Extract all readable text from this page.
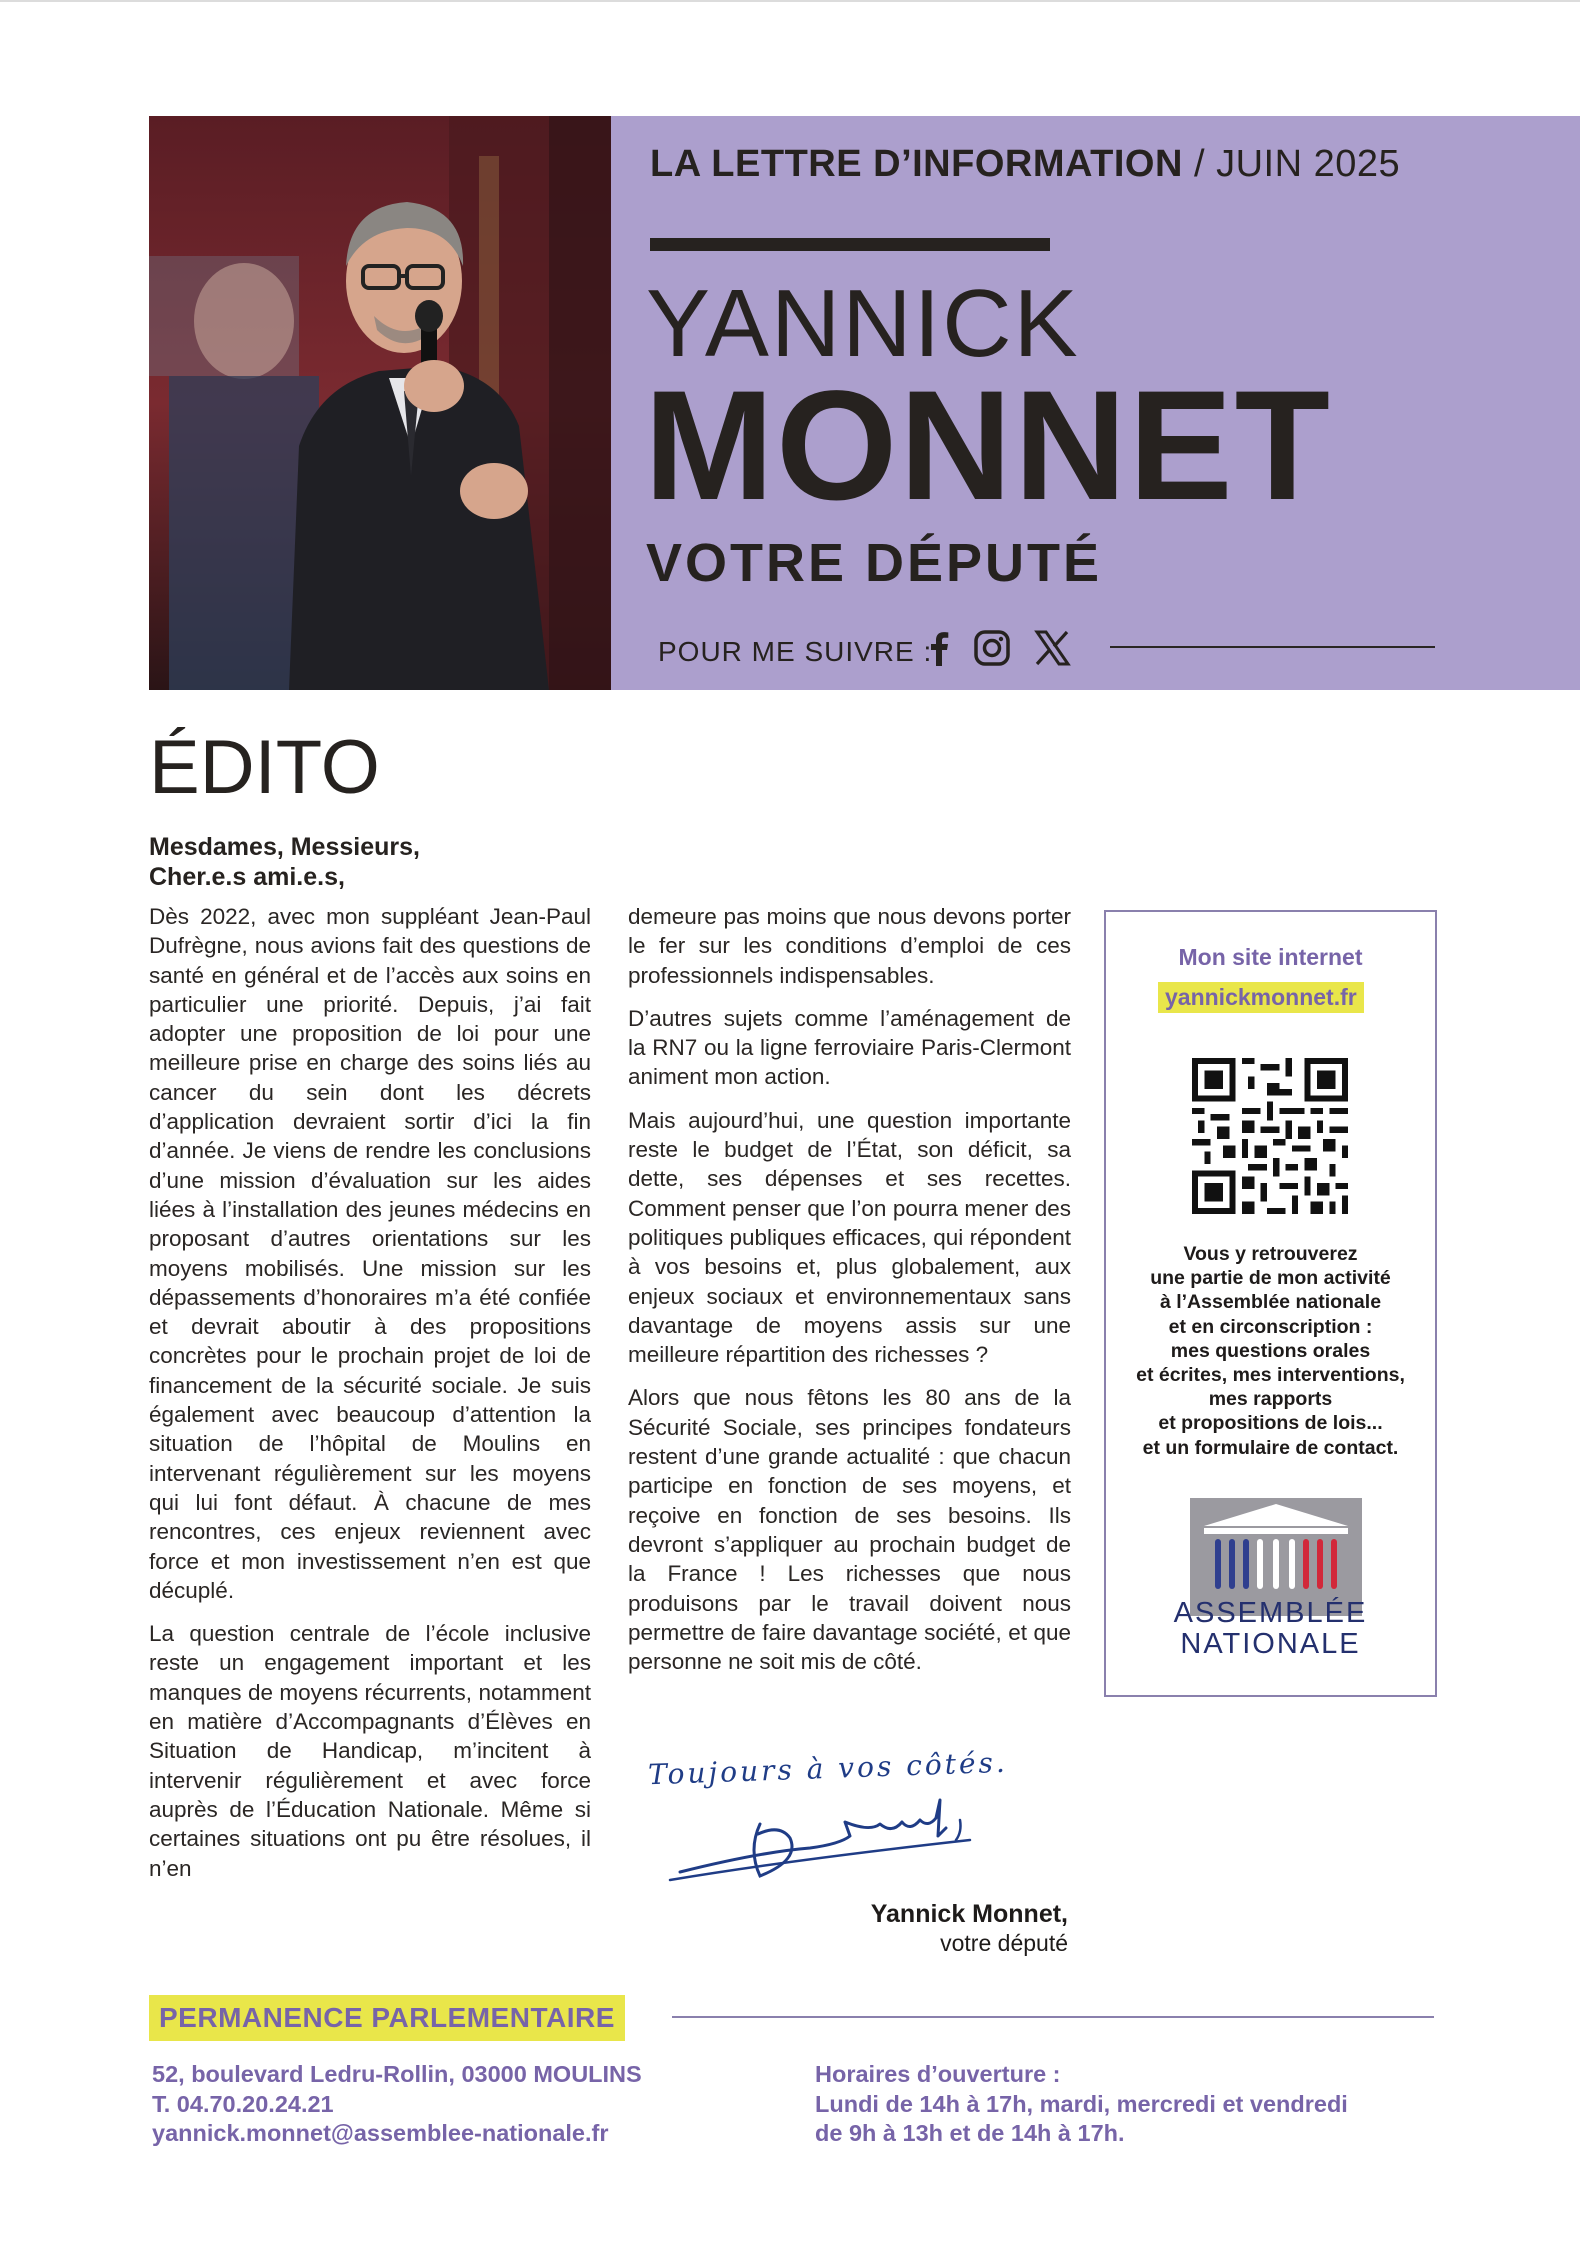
LA LETTRE D’INFORMATION / JUIN 2025
YANNICK
MONNET
VOTRE DÉPUTÉ
POUR ME SUIVRE :
ÉDITO
Mesdames, Messieurs,
Cher.e.s ami.e.s,

Dès 2022, avec mon suppléant Jean-Paul Dufrègne, nous avions fait des questions de santé en général et de l’accès aux soins en particulier une priorité. Depuis, j’ai fait adopter une proposition de loi pour une meilleure prise en charge des soins liés au cancer du sein dont les décrets d’application devraient sortir d’ici la fin d’année. Je viens de rendre les conclusions d’une mission d’évaluation sur les aides liées à l’installation des jeunes médecins en proposant d’autres orientations sur les moyens mobilisés. Une mission sur les dépassements d’honoraires m’a été confiée et devrait aboutir à des propositions concrètes pour le prochain projet de loi de financement de la sécurité sociale. Je suis également avec beaucoup d’attention la situation de l’hôpital de Moulins en intervenant régulièrement sur les moyens qui lui font défaut. À chacune de mes rencontres, ces enjeux reviennent avec force et mon investissement n’en est que décuplé.

La question centrale de l’école inclusive reste un engagement important et les manques de moyens récurrents, notamment en matière d’Accompagnants d’Élèves en Situation de Handicap, m’incitent à intervenir régulièrement et avec force auprès de l’Éducation Nationale. Même si certaines situations ont pu être résolues, il n’en

demeure pas moins que nous devons porter le fer sur les conditions d’emploi de ces professionnels indispensables.

D’autres sujets comme l’aménagement de la RN7 ou la ligne ferroviaire Paris-Clermont animent mon action.

Mais aujourd’hui, une question importante reste le budget de l’État, son déficit, sa dette, ses dépenses et ses recettes. Comment penser que l’on pourra mener des politiques publiques efficaces, qui répondent à vos besoins et, plus globalement, aux enjeux sociaux et environnementaux sans davantage de moyens assis sur une meilleure répartition des richesses ?

Alors que nous fêtons les 80 ans de la Sécurité Sociale, ses principes fondateurs restent d’une grande actualité : que chacun participe en fonction de ses moyens, et reçoive en fonction de ses besoins. Ils devront s’appliquer au prochain budget de la France ! Les richesses que nous produisons par le travail doivent nous permettre de faire davantage société, et que personne ne soit mis de côté.

Toujours à vos côtés.
Yannick Monnet,
votre député
Mon site internet
yannickmonnet.fr
Vous y retrouverez
une partie de mon activité
à l’Assemblée nationale
et en circonscription :
mes questions orales
et écrites, mes interventions,
mes rapports
et propositions de lois...
et un formulaire de contact.
ASSEMBLÉE
NATIONALE
PERMANENCE PARLEMENTAIRE
52, boulevard Ledru-Rollin, 03000 MOULINS
T. 04.70.20.24.21
yannick.monnet@assemblee-nationale.fr
Horaires d’ouverture :
Lundi de 14h à 17h, mardi, mercredi et vendredi
de 9h à 13h et de 14h à 17h.
